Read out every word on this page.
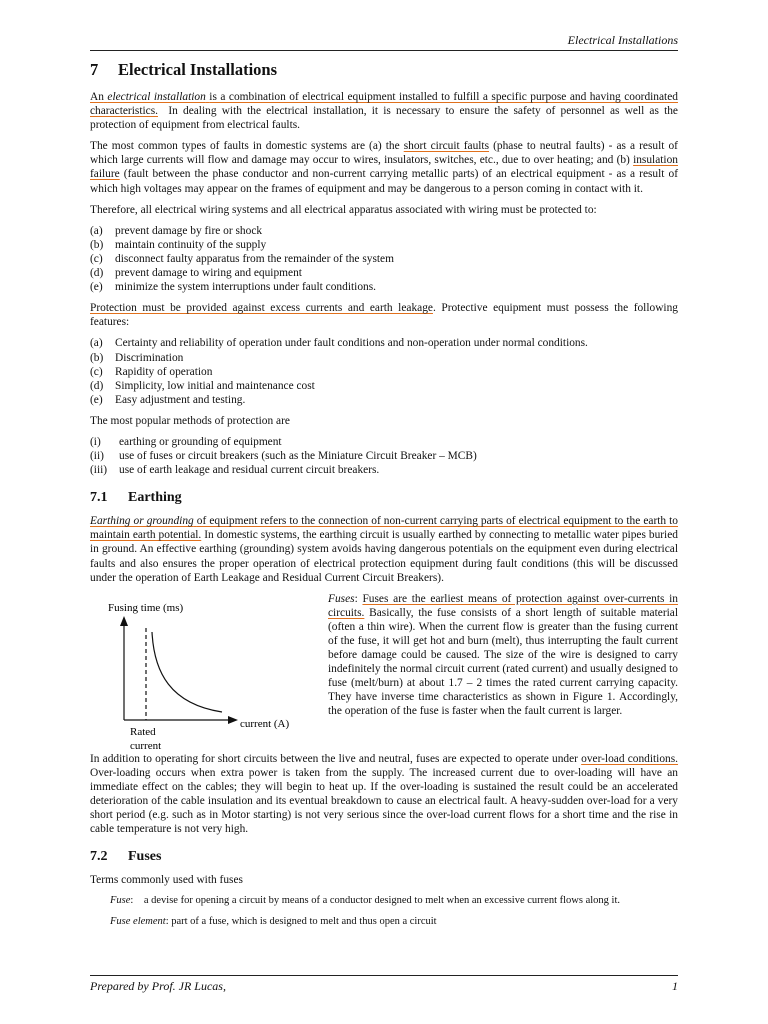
Electrical Installations
7 Electrical Installations

An electrical installation is a combination of electrical equipment installed to fulfill a specific purpose and having coordinated characteristics. In dealing with the electrical installation, it is necessary to ensure the safety of personnel as well as the protection of equipment from electrical faults.

The most common types of faults in domestic systems are (a) the short circuit faults (phase to neutral faults) - as a result of which large currents will flow and damage may occur to wires, insulators, switches, etc., due to over heating; and (b) insulation failure (fault between the phase conductor and non-current carrying metallic parts) of an electrical equipment - as a result of which high voltages may appear on the frames of equipment and may be dangerous to a person coming in contact with it.

Therefore, all electrical wiring systems and all electrical apparatus associated with wiring must be protected to:

(a) prevent damage by fire or shock
(b) maintain continuity of the supply
(c) disconnect faulty apparatus from the remainder of the system
(d) prevent damage to wiring and equipment
(e) minimize the system interruptions under fault conditions.

Protection must be provided against excess currents and earth leakage. Protective equipment must possess the following features:

(a) Certainty and reliability of operation under fault conditions and non-operation under normal conditions.
(b) Discrimination
(c) Rapidity of operation
(d) Simplicity, low initial and maintenance cost
(e) Easy adjustment and testing.

The most popular methods of protection are

(i) earthing or grounding of equipment
(ii) use of fuses or circuit breakers (such as the Miniature Circuit Breaker – MCB)
(iii) use of earth leakage and residual current circuit breakers.
7.1 Earthing

Earthing or grounding of equipment refers to the connection of non-current carrying parts of electrical equipment to the earth to maintain earth potential. In domestic systems, the earthing circuit is usually earthed by connecting to metallic water pipes buried in ground. An effective earthing (grounding) system avoids having dangerous potentials on the equipment even during electrical faults and also ensures the proper operation of electrical protection equipment during fault conditions (this will be discussed under the operation of Earth Leakage and Residual Current Circuit Breakers).

Fusing time (ms)
current (A)
Rated
current
Fuses: Fuses are the earliest means of protection against over-currents in circuits. Basically, the fuse consists of a short length of suitable material (often a thin wire). When the current flow is greater than the fusing current of the fuse, it will get hot and burn (melt), thus interrupting the fault current before damage could be caused. The size of the wire is designed to carry indefinitely the normal circuit current (rated current) and usually designed to fuse (melt/burn) at about 1.7 – 2 times the rated current carrying capacity. They have inverse time characteristics as shown in Figure 1. Accordingly, the operation of the fuse is faster when the fault current is larger.

In addition to operating for short circuits between the live and neutral, fuses are expected to operate under over-load conditions. Over-loading occurs when extra power is taken from the supply. The increased current due to over-loading will have an immediate effect on the cables; they will begin to heat up. If the over-loading is sustained the result could be an accelerated deterioration of the cable insulation and its eventual breakdown to cause an electrical fault. A heavy-sudden over-load for a very short period (e.g. such as in Motor starting) is not very serious since the over-load current flows for a short time and the rise in cable temperature is not very high.

7.2 Fuses

Terms commonly used with fuses

Fuse: a devise for opening a circuit by means of a conductor designed to melt when an excessive current flows along it.

Fuse element: part of a fuse, which is designed to melt and thus open a circuit

Prepared by Prof. JR Lucas,	1
